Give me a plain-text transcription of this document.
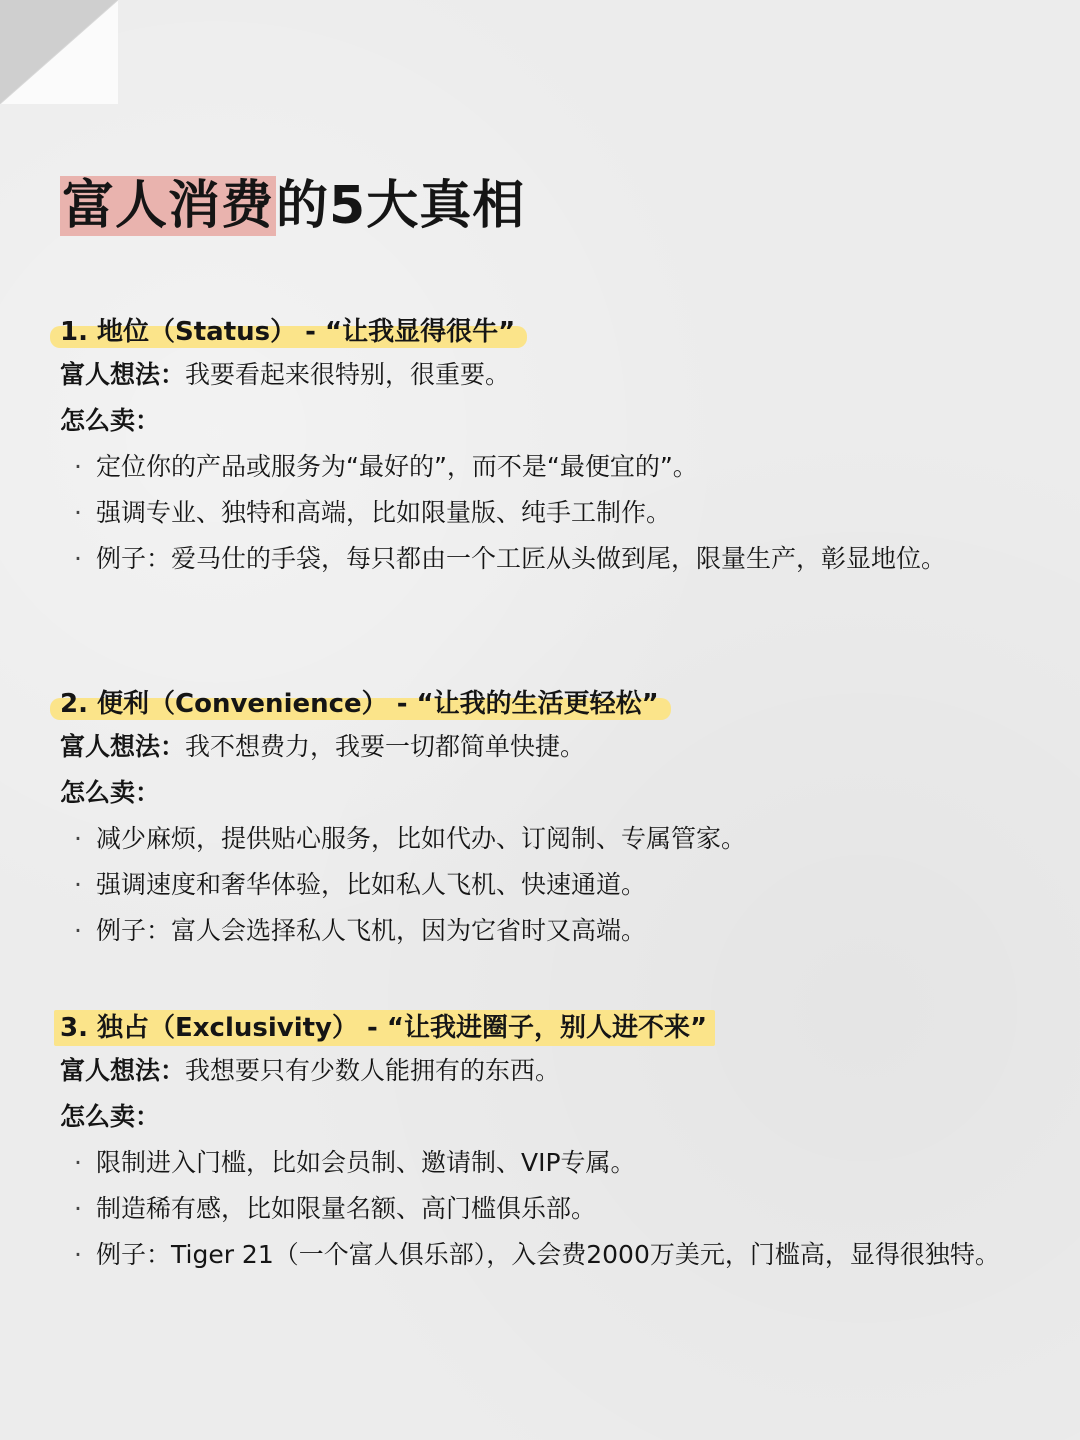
富人消费的5大真相
1. 地位（Status） - “让我显得很牛”
富人想法：我要看起来很特别，很重要。
怎么卖：
· 定位你的产品或服务为“最好的”，而不是“最便宜的”。
· 强调专业、独特和高端，比如限量版、纯手工制作。
· 例子：爱马仕的手袋，每只都由一个工匠从头做到尾，限量生产，彰显地位。
2. 便利（Convenience） - “让我的生活更轻松”
富人想法：我不想费力，我要一切都简单快捷。
怎么卖：
· 减少麻烦，提供贴心服务，比如代办、订阅制、专属管家。
· 强调速度和奢华体验，比如私人飞机、快速通道。
· 例子：富人会选择私人飞机，因为它省时又高端。
3. 独占（Exclusivity） - “让我进圈子，别人进不来”
富人想法：我想要只有少数人能拥有的东西。
怎么卖：
· 限制进入门槛，比如会员制、邀请制、VIP专属。
· 制造稀有感，比如限量名额、高门槛俱乐部。
· 例子：Tiger 21（一个富人俱乐部），入会费2000万美元，门槛高，显得很独特。
